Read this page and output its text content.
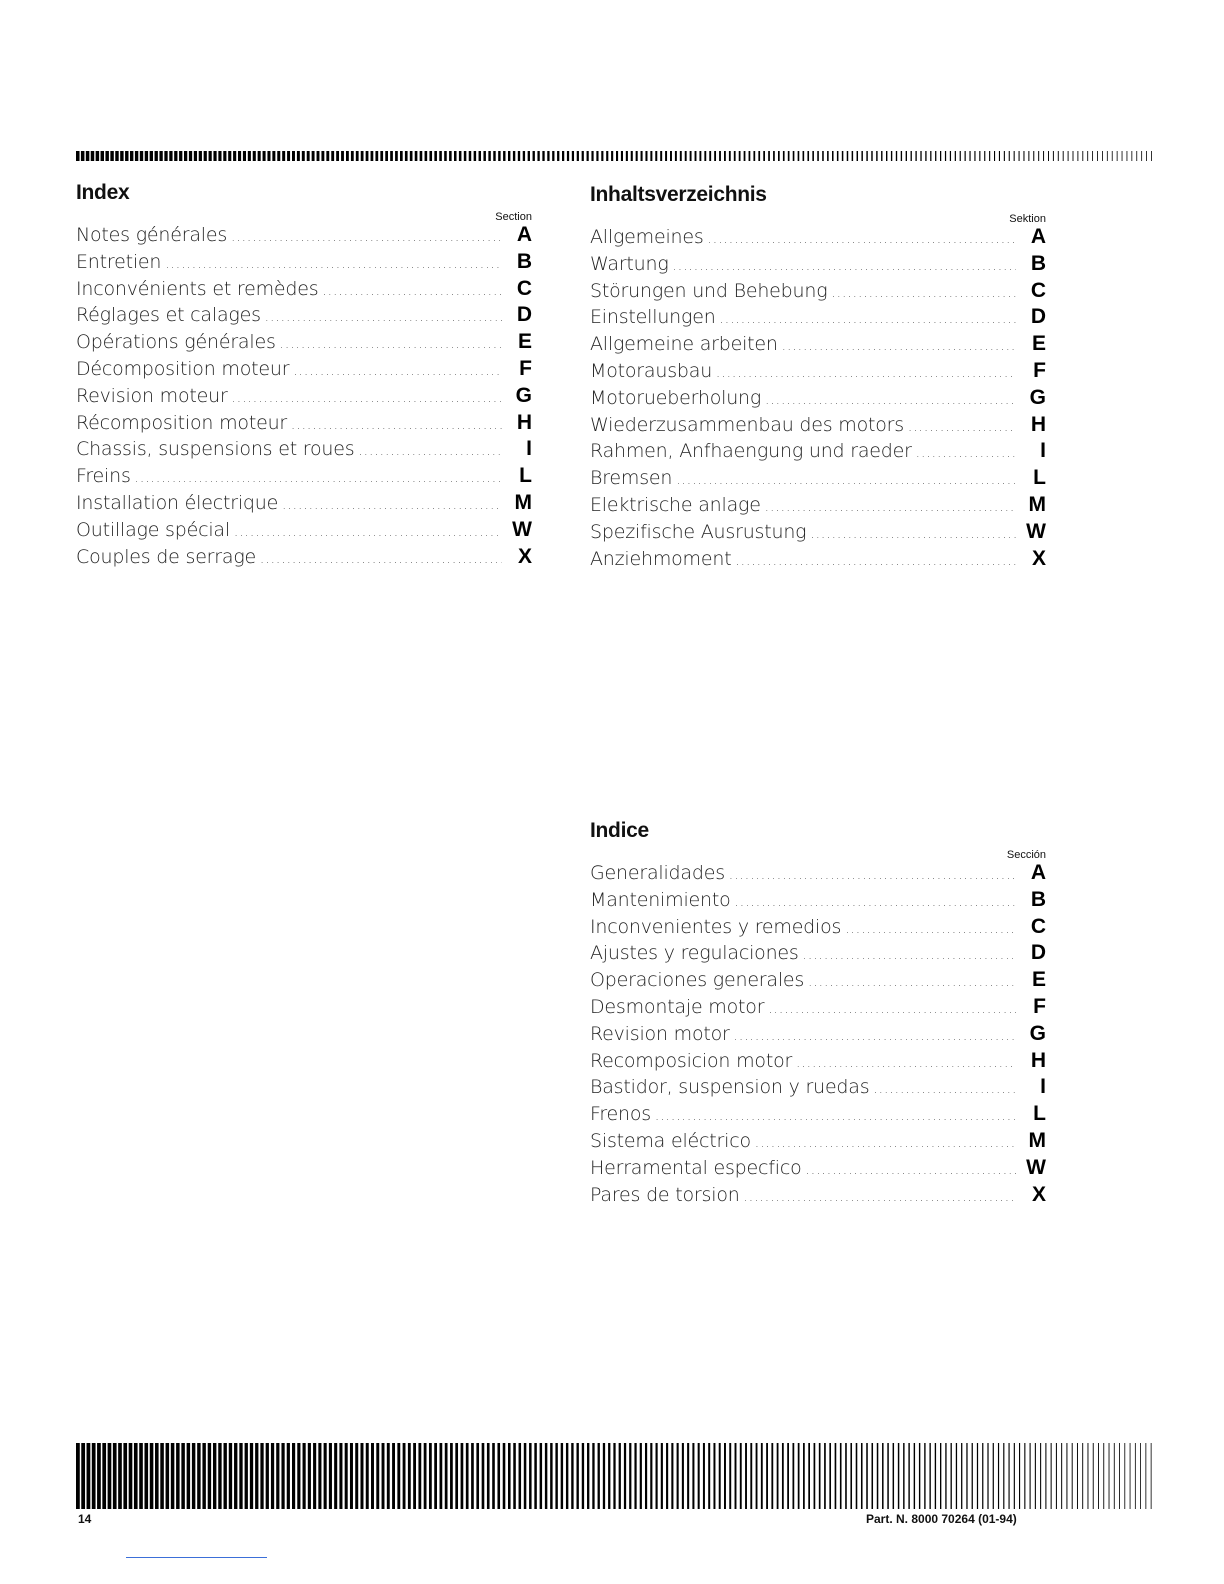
Index
Section
Notes générales .....	A
Entretien .....	B
Inconvénients et remèdes .....	C
Réglages et calages .....	D
Opérations générales .....	E
Décomposition moteur .....	F
Revision moteur .....	G
Récomposition moteur .....	H
Chassis, suspensions et roues .....	I
Freins .....	L
Installation électrique .....	M
Outillage spécial .....	W
Couples de serrage .....	X
Inhaltsverzeichnis
Sektion
Allgemeines .....	A
Wartung .....	B
Störungen und Behebung .....	C
Einstellungen .....	D
Allgemeine arbeiten .....	E
Motorausbau .....	F
Motorueberholung .....	G
Wiederzusammenbau des motors .....	H
Rahmen, Anfhaengung und raeder .....	I
Bremsen .....	L
Elektrische anlage .....	M
Spezifische Ausrustung .....	W
Anziehmoment .....	X
Indice
Sección
Generalidades .....	A
Mantenimiento .....	B
Inconvenientes y remedios .....	C
Ajustes y regulaciones .....	D
Operaciones generales .....	E
Desmontaje motor .....	F
Revision motor .....	G
Recomposicion motor .....	H
Bastidor, suspension y ruedas .....	I
Frenos .....	L
Sistema eléctrico .....	M
Herramental especfico .....	W
Pares de torsion .....	X
14	Part. N. 8000 70264 (01-94)
